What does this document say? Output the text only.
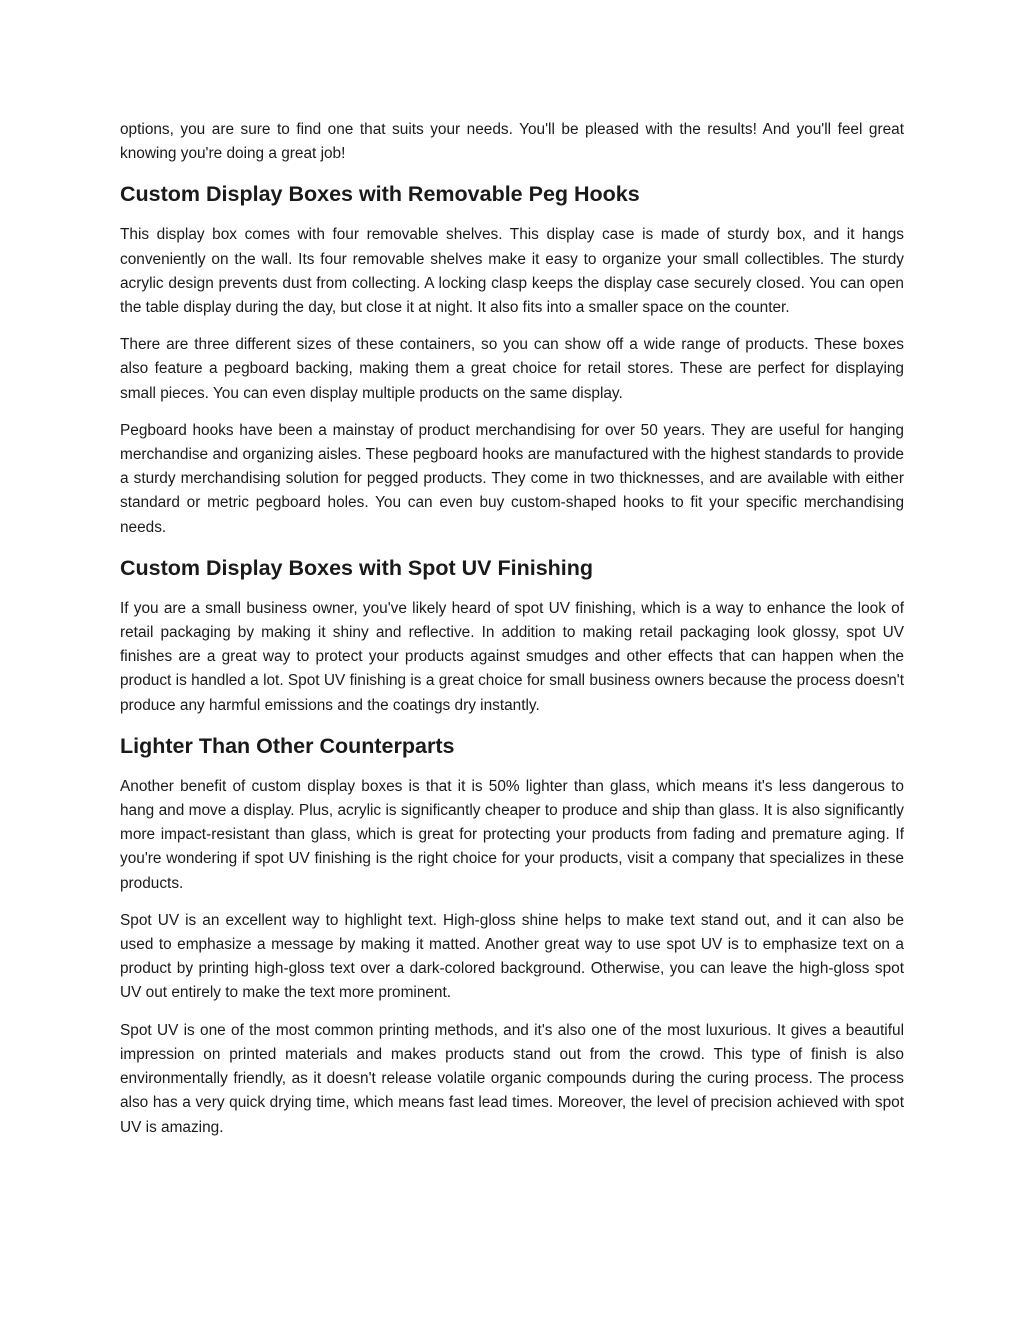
options, you are sure to find one that suits your needs. You'll be pleased with the results! And you'll feel great knowing you're doing a great job!

Custom Display Boxes with Removable Peg Hooks

This display box comes with four removable shelves. This display case is made of sturdy box, and it hangs conveniently on the wall. Its four removable shelves make it easy to organize your small collectibles. The sturdy acrylic design prevents dust from collecting. A locking clasp keeps the display case securely closed. You can open the table display during the day, but close it at night. It also fits into a smaller space on the counter.

There are three different sizes of these containers, so you can show off a wide range of products. These boxes also feature a pegboard backing, making them a great choice for retail stores. These are perfect for displaying small pieces. You can even display multiple products on the same display.

Pegboard hooks have been a mainstay of product merchandising for over 50 years. They are useful for hanging merchandise and organizing aisles. These pegboard hooks are manufactured with the highest standards to provide a sturdy merchandising solution for pegged products. They come in two thicknesses, and are available with either standard or metric pegboard holes. You can even buy custom-shaped hooks to fit your specific merchandising needs.

Custom Display Boxes with Spot UV Finishing

If you are a small business owner, you've likely heard of spot UV finishing, which is a way to enhance the look of retail packaging by making it shiny and reflective. In addition to making retail packaging look glossy, spot UV finishes are a great way to protect your products against smudges and other effects that can happen when the product is handled a lot. Spot UV finishing is a great choice for small business owners because the process doesn't produce any harmful emissions and the coatings dry instantly.

Lighter Than Other Counterparts

Another benefit of custom display boxes is that it is 50% lighter than glass, which means it's less dangerous to hang and move a display. Plus, acrylic is significantly cheaper to produce and ship than glass. It is also significantly more impact-resistant than glass, which is great for protecting your products from fading and premature aging. If you're wondering if spot UV finishing is the right choice for your products, visit a company that specializes in these products.

Spot UV is an excellent way to highlight text. High-gloss shine helps to make text stand out, and it can also be used to emphasize a message by making it matted. Another great way to use spot UV is to emphasize text on a product by printing high-gloss text over a dark-colored background. Otherwise, you can leave the high-gloss spot UV out entirely to make the text more prominent.

Spot UV is one of the most common printing methods, and it's also one of the most luxurious. It gives a beautiful impression on printed materials and makes products stand out from the crowd. This type of finish is also environmentally friendly, as it doesn't release volatile organic compounds during the curing process. The process also has a very quick drying time, which means fast lead times. Moreover, the level of precision achieved with spot UV is amazing.
